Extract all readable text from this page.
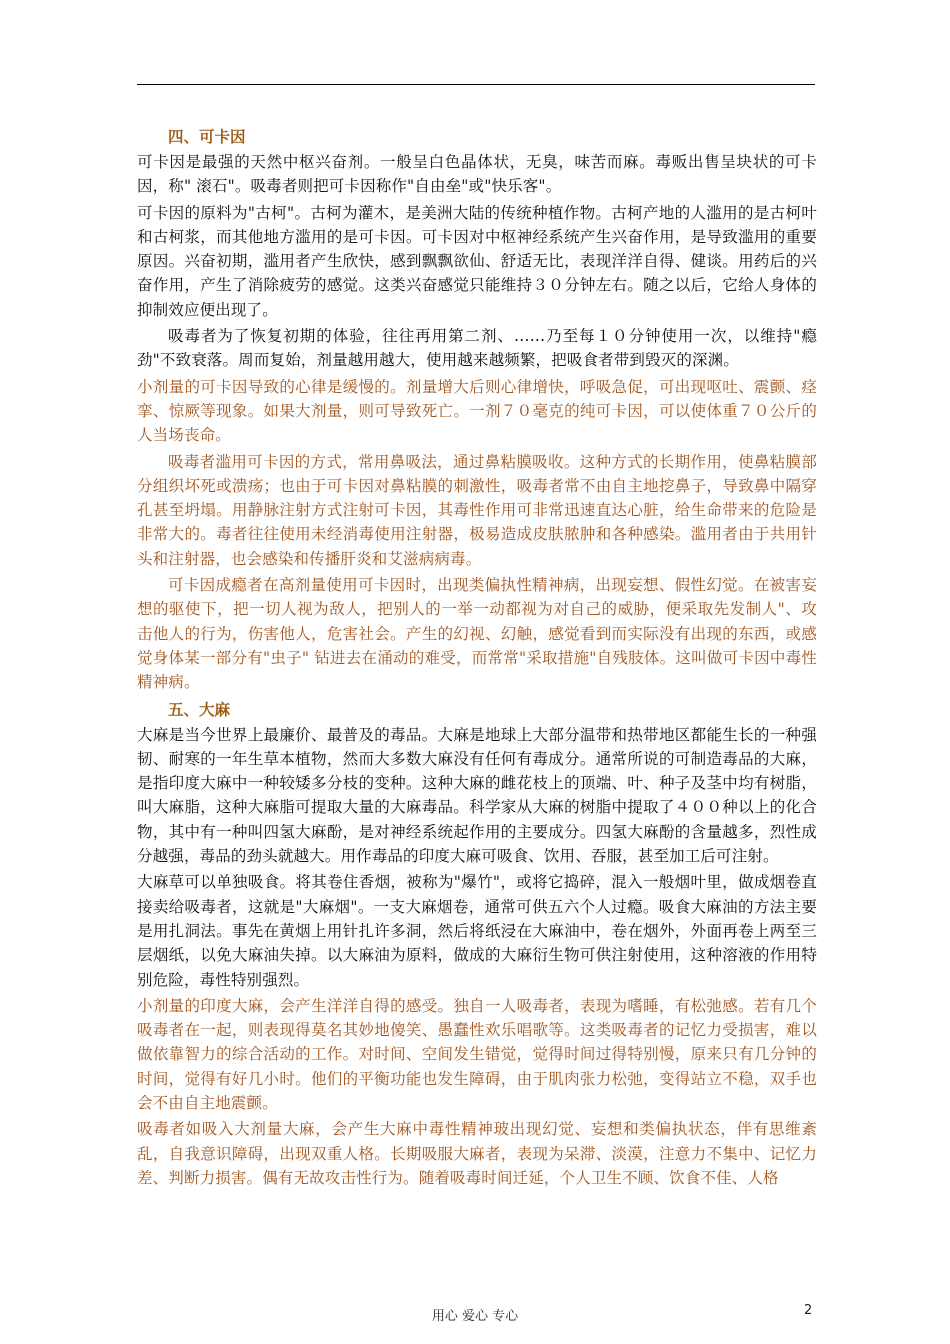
四、可卡因

可卡因是最强的天然中枢兴奋剂。一般呈白色晶体状，无臭，味苦而麻。毒贩出售呈块状的可卡因，称" 滚石"。吸毒者则把可卡因称作"自由垒"或"快乐客"。

可卡因的原料为"古柯"。古柯为灌木，是美洲大陆的传统种植作物。古柯产地的人滥用的是古柯叶和古柯浆，而其他地方滥用的是可卡因。可卡因对中枢神经系统产生兴奋作用，是导致滥用的重要原因。兴奋初期，滥用者产生欣快，感到飘飘欲仙、舒适无比，表现洋洋自得、健谈。用药后的兴奋作用，产生了消除疲劳的感觉。这类兴奋感觉只能维持３０分钟左右。随之以后，它给人身体的抑制效应便出现了。

吸毒者为了恢复初期的体验，往往再用第二剂、……乃至每１０分钟使用一次，以维持"瘾劲"不致衰落。周而复始，剂量越用越大，使用越来越频繁，把吸食者带到毁灭的深渊。

小剂量的可卡因导致的心律是缓慢的。剂量增大后则心律增快，呼吸急促，可出现呕吐、震颤、痉挛、惊厥等现象。如果大剂量，则可导致死亡。一剂７０毫克的纯可卡因，可以使体重７０公斤的人当场丧命。

吸毒者滥用可卡因的方式，常用鼻吸法，通过鼻粘膜吸收。这种方式的长期作用，使鼻粘膜部分组织坏死或溃疡；也由于可卡因对鼻粘膜的刺激性，吸毒者常不由自主地挖鼻子，导致鼻中隔穿孔甚至坍塌。用静脉注射方式注射可卡因，其毒性作用可非常迅速直达心脏，给生命带来的危险是非常大的。毒者往往使用未经消毒使用注射器，极易造成皮肤脓肿和各种感染。滥用者由于共用针头和注射器，也会感染和传播肝炎和艾滋病病毒。

可卡因成瘾者在高剂量使用可卡因时，出现类偏执性精神病，出现妄想、假性幻觉。在被害妄想的驱使下，把一切人视为敌人，把别人的一举一动都视为对自己的威胁，便采取先发制人"、攻击他人的行为，伤害他人，危害社会。产生的幻视、幻触，感觉看到而实际没有出现的东西，或感觉身体某一部分有"虫子" 钻进去在涌动的难受，而常常"采取措施"自残肢体。这叫做可卡因中毒性精神病。

五、大麻

大麻是当今世界上最廉价、最普及的毒品。大麻是地球上大部分温带和热带地区都能生长的一种强韧、耐寒的一年生草本植物，然而大多数大麻没有任何有毒成分。通常所说的可制造毒品的大麻，是指印度大麻中一种较矮多分枝的变种。这种大麻的雌花枝上的顶端、叶、种子及茎中均有树脂，叫大麻脂，这种大麻脂可提取大量的大麻毒品。科学家从大麻的树脂中提取了４００种以上的化合物，其中有一种叫四氢大麻酚，是对神经系统起作用的主要成分。四氢大麻酚的含量越多，烈性成分越强，毒品的劲头就越大。用作毒品的印度大麻可吸食、饮用、吞服，甚至加工后可注射。

大麻草可以单独吸食。将其卷住香烟，被称为"爆竹"，或将它捣碎，混入一般烟叶里，做成烟卷直接卖给吸毒者，这就是"大麻烟"。一支大麻烟卷，通常可供五六个人过瘾。吸食大麻油的方法主要是用扎洞法。事先在黄烟上用针扎许多洞，然后将纸浸在大麻油中，卷在烟外，外面再卷上两至三层烟纸，以免大麻油失掉。以大麻油为原料，做成的大麻衍生物可供注射使用，这种溶液的作用特别危险，毒性特别强烈。

小剂量的印度大麻，会产生洋洋自得的感受。独自一人吸毒者，表现为嗜睡，有松弛感。若有几个吸毒者在一起，则表现得莫名其妙地傻笑、愚蠢性欢乐唱歌等。这类吸毒者的记忆力受损害，难以做依靠智力的综合活动的工作。对时间、空间发生错觉，觉得时间过得特别慢，原来只有几分钟的时间，觉得有好几小时。他们的平衡功能也发生障碍，由于肌肉张力松弛，变得站立不稳，双手也会不由自主地震颤。

吸毒者如吸入大剂量大麻，会产生大麻中毒性精神玻出现幻觉、妄想和类偏执状态，伴有思维紊乱，自我意识障碍，出现双重人格。长期吸服大麻者，表现为呆滞、淡漠，注意力不集中、记忆力差、判断力损害。偶有无故攻击性行为。随着吸毒时间迁延，个人卫生不顾、饮食不佳、人格

用心 爱心 专心	2
